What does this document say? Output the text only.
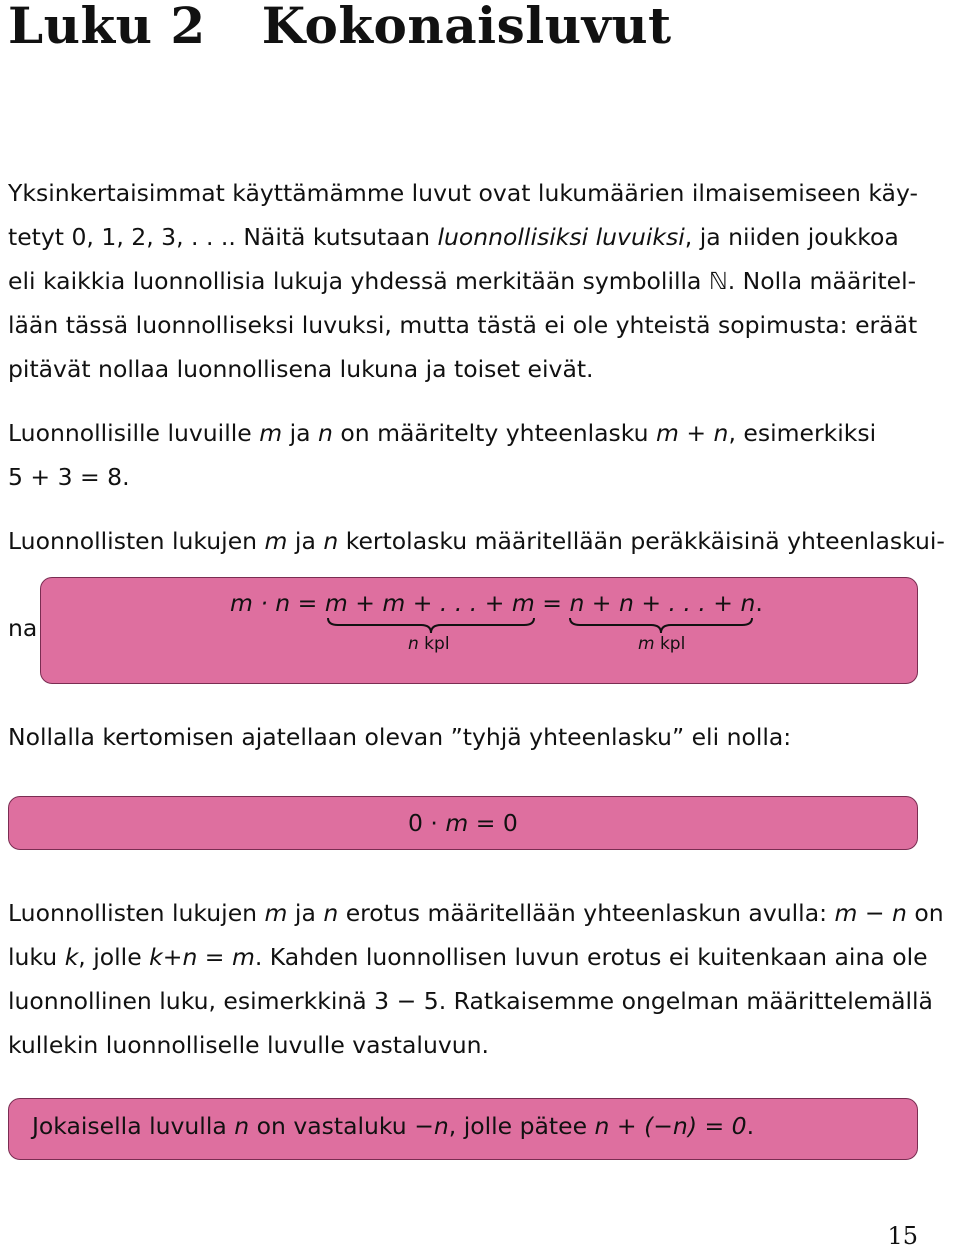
Luku 2 Kokonaisluvut
Yksinkertaisimmat käyttämämme luvut ovat lukumäärien ilmaisemiseen käy-
tetyt 0, 1, 2, 3, . . .. Näitä kutsutaan luonnollisiksi luvuiksi, ja niiden joukkoa
eli kaikkia luonnollisia lukuja yhdessä merkitään symbolilla ℕ. Nolla määritel-
lään tässä luonnolliseksi luvuksi, mutta tästä ei ole yhteistä sopimusta: eräät
pitävät nollaa luonnollisena lukuna ja toiset eivät.
Luonnollisille luvuille m ja n on määritelty yhteenlasku m + n, esimerkiksi
5 + 3 = 8.
Luonnollisten lukujen m ja n kertolasku määritellään peräkkäisinä yhteenlaskui-
na
m · n = m + m + . . . + m = n + n + . . . + n.
n kpl	m kpl
Nollalla kertomisen ajatellaan olevan ”tyhjä yhteenlasku” eli nolla:
0 · m = 0
Luonnollisten lukujen m ja n erotus määritellään yhteenlaskun avulla: m − n on
luku k, jolle k+n = m. Kahden luonnollisen luvun erotus ei kuitenkaan aina ole
luonnollinen luku, esimerkkinä 3 − 5. Ratkaisemme ongelman määrittelemällä
kullekin luonnolliselle luvulle vastaluvun.
Jokaisella luvulla n on vastaluku −n, jolle pätee n + (−n) = 0.

15
